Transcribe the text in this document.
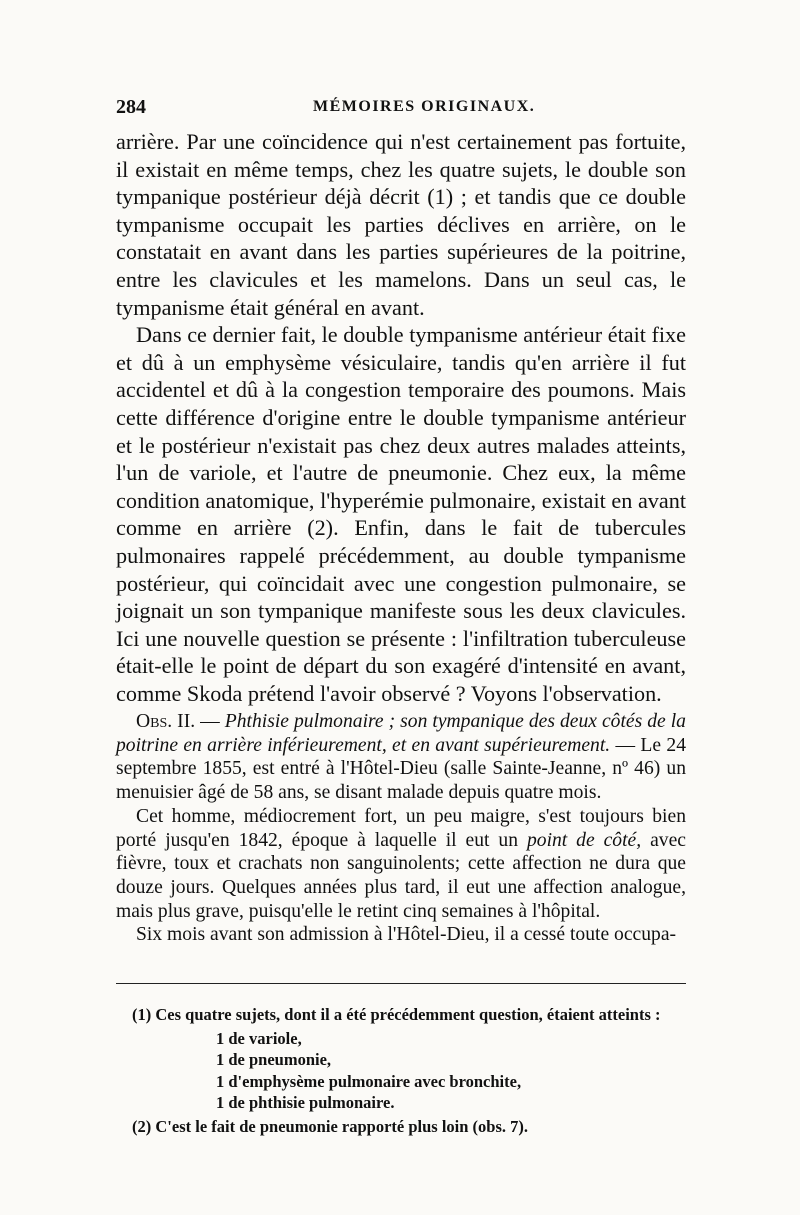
284	MÉMOIRES ORIGINAUX.

arrière. Par une coïncidence qui n'est certainement pas fortuite, il existait en même temps, chez les quatre sujets, le double son tympanique postérieur déjà décrit (1) ; et tandis que ce double tympanisme occupait les parties déclives en arrière, on le constatait en avant dans les parties supérieures de la poitrine, entre les clavicules et les mamelons. Dans un seul cas, le tympanisme était général en avant.

Dans ce dernier fait, le double tympanisme antérieur était fixe et dû à un emphysème vésiculaire, tandis qu'en arrière il fut accidentel et dû à la congestion temporaire des poumons. Mais cette différence d'origine entre le double tympanisme antérieur et le postérieur n'existait pas chez deux autres malades atteints, l'un de variole, et l'autre de pneumonie. Chez eux, la même condition anatomique, l'hyperémie pulmonaire, existait en avant comme en arrière (2). Enfin, dans le fait de tubercules pulmonaires rappelé précédemment, au double tympanisme postérieur, qui coïncidait avec une congestion pulmonaire, se joignait un son tympanique manifeste sous les deux clavicules. Ici une nouvelle question se présente : l'infiltration tuberculeuse était-elle le point de départ du son exagéré d'intensité en avant, comme Skoda prétend l'avoir observé ? Voyons l'observation.

Obs. II. — Phthisie pulmonaire ; son tympanique des deux côtés de la poitrine en arrière inférieurement, et en avant supérieurement. — Le 24 septembre 1855, est entré à l'Hôtel-Dieu (salle Sainte-Jeanne, nº 46) un menuisier âgé de 58 ans, se disant malade depuis quatre mois.

Cet homme, médiocrement fort, un peu maigre, s'est toujours bien porté jusqu'en 1842, époque à laquelle il eut un point de côté, avec fièvre, toux et crachats non sanguinolents; cette affection ne dura que douze jours. Quelques années plus tard, il eut une affection analogue, mais plus grave, puisqu'elle le retint cinq semaines à l'hôpital.

Six mois avant son admission à l'Hôtel-Dieu, il a cessé toute occupa-

(1) Ces quatre sujets, dont il a été précédemment question, étaient atteints :

1 de variole,
1 de pneumonie,
1 d'emphysème pulmonaire avec bronchite,
1 de phthisie pulmonaire.

(2) C'est le fait de pneumonie rapporté plus loin (obs. 7).
